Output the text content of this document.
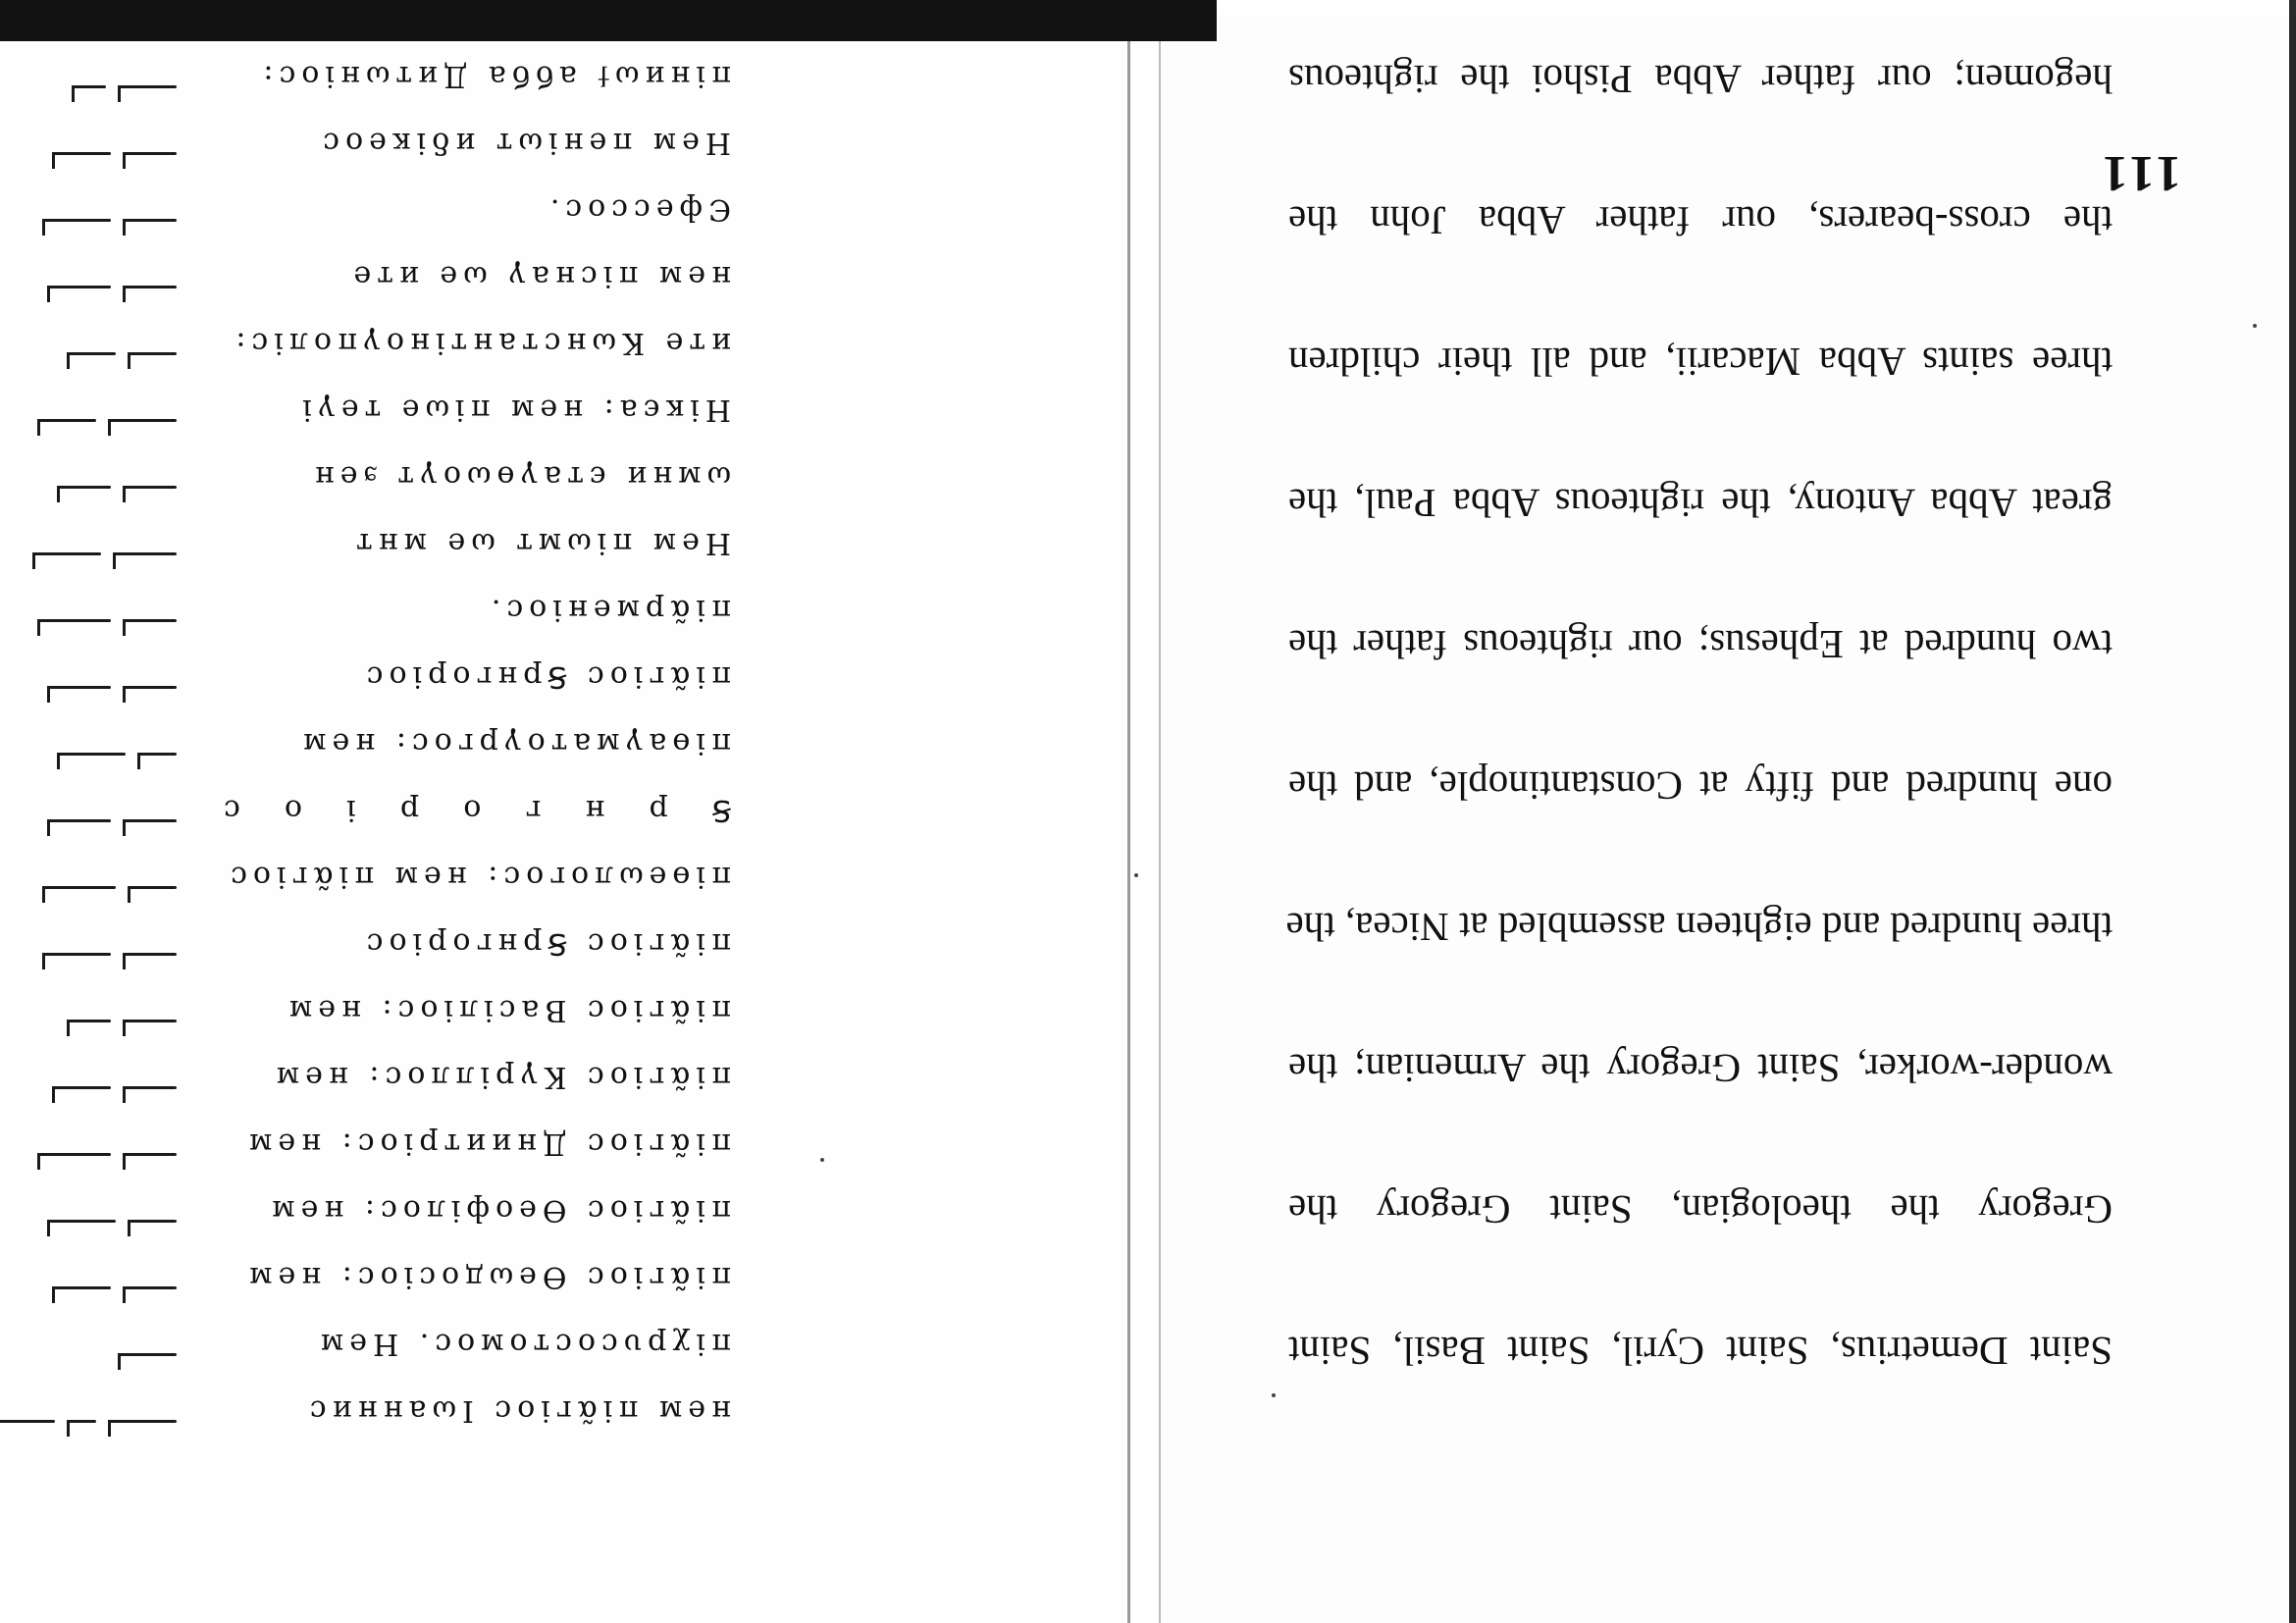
111
Saint Demetrius, Saint Cyril, Saint Basil, Saint
Gregory the theologian, Saint Gregory the
wonder-worker, Saint Gregory the Armenian; the
three hundred and eighteen assembled at Nicea, the
one hundred and fifty at Constantinople, and the
two hundred at Ephesus; our righteous father the
great Abba Antony, the righteous Abba Paul, the
three saints Abba Macarii, and all their children
the cross-bearers, our father Abba John the
hegomen; our father Abba Pishoi the righteous
нем пiᾶгiос Iωаннис
пiχрυсостомос. Нем
пiᾶгiос Өеωдосiос: нем
пiᾶгiос Өеофiлос: нем
пiᾶгiос Дниитрiос: нем
пiᾶгiос Кγрiллос: нем
пiᾶгiос Васiлiос: нем
пiᾶгiос Ꞩрнгорiос
пiөеωлогос: нем пiᾶгiос
Ꞩ р н г о р i о с
пiөаγматоγргос: нем
пiᾶгiос Ꞩрнгорiос
пiᾶрменiос.
Нем пiωмт ωе мнт
ωмни єтаγөωоγт ϧен
Нiкєа: нем пiωе теγi
ите Кωнстантiноγполiс:
нем пiснаγ ωе ите
Єфессос.
Нем пенiωт иδiкеос
пiниωϯ абба Дитωнiос:
